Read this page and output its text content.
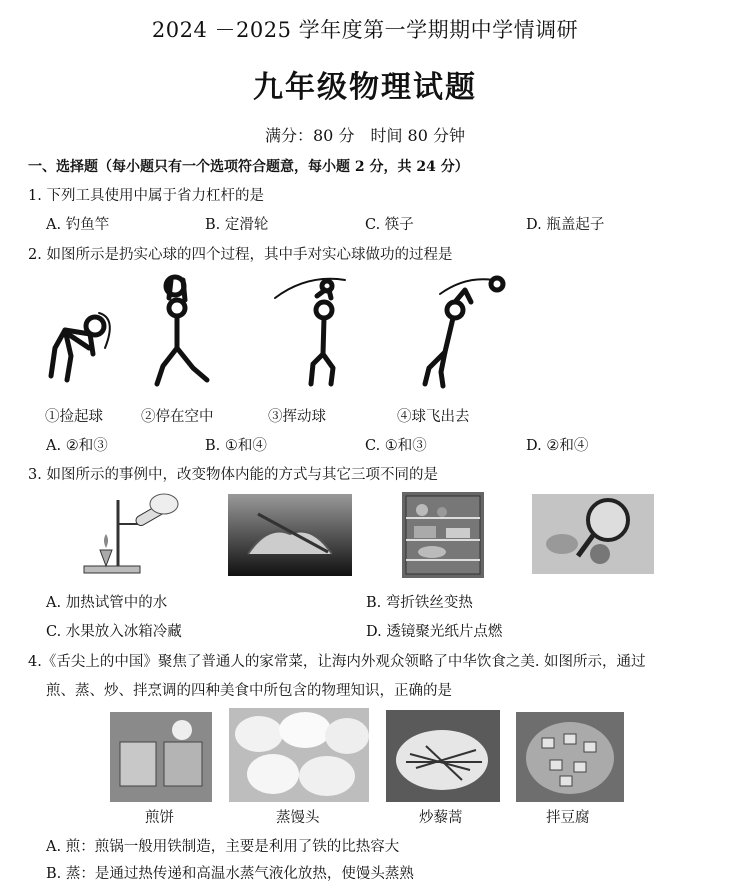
2024 －2025 学年度第一学期期中学情调研
九年级物理试题
满分：80 分　时间 80 分钟
一、选择题（每小题只有一个选项符合题意，每小题 2 分，共 24 分）
1. 下列工具使用中属于省力杠杆的是
A. 钓鱼竿	B. 定滑轮	C. 筷子	D. 瓶盖起子
2. 如图所示是扔实心球的四个过程，其中手对实心球做功的过程是
①捡起球	②停在空中	③挥动球	④球飞出去
A. ②和③	B. ①和④	C. ①和③	D. ②和④
3. 如图所示的事例中，改变物体内能的方式与其它三项不同的是
A. 加热试管中的水	B. 弯折铁丝变热
C. 水果放入冰箱冷藏	D. 透镜聚光纸片点燃
4.《舌尖上的中国》聚焦了普通人的家常菜，让海内外观众领略了中华饮食之美. 如图所示，通过
煎、蒸、炒、拌烹调的四种美食中所包含的物理知识，正确的是
煎饼	蒸馒头	炒藜蒿	拌豆腐
A. 煎：煎锅一般用铁制造，主要是利用了铁的比热容大
B. 蒸：是通过热传递和高温水蒸气液化放热，使馒头蒸熟
